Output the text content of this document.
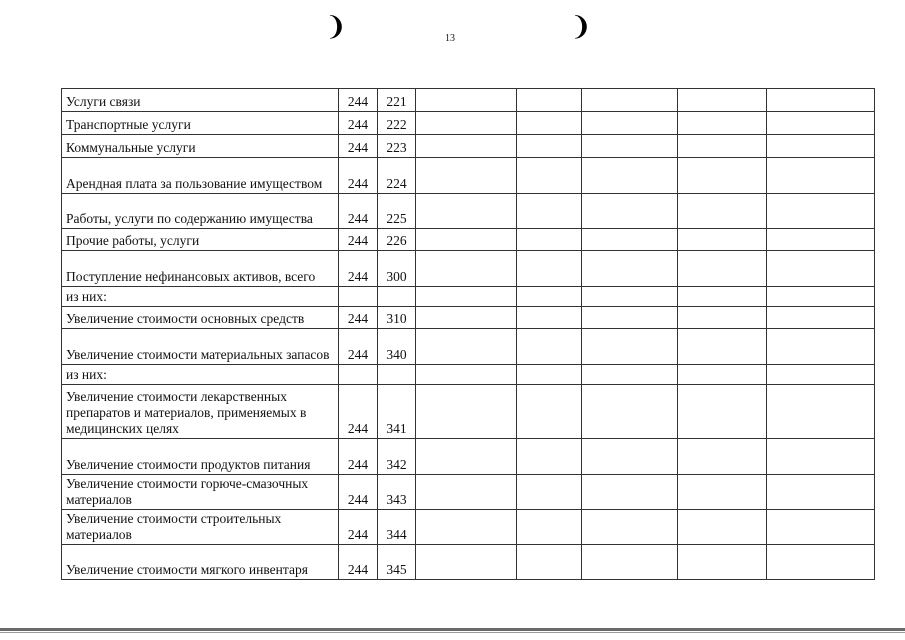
❩	❩
13
Услуги связи	244	221					
Транспортные услуги	244	222					
Коммунальные услуги	244	223					
Арендная плата за пользование имуществом	244	224					
Работы, услуги по содержанию имущества	244	225					
Прочие работы, услуги	244	226					
Поступление нефинансовых активов, всего	244	300					
из них:							
Увеличение стоимости основных средств	244	310					
Увеличение стоимости материальных запасов	244	340					
из них:							
Увеличение стоимости лекарственных препаратов и материалов, применяемых в медицинских целях	244	341					
Увеличение стоимости продуктов питания	244	342					
Увеличение стоимости горюче-смазочных материалов	244	343					
Увеличение стоимости строительных материалов	244	344					
Увеличение стоимости мягкого инвентаря	244	345					
